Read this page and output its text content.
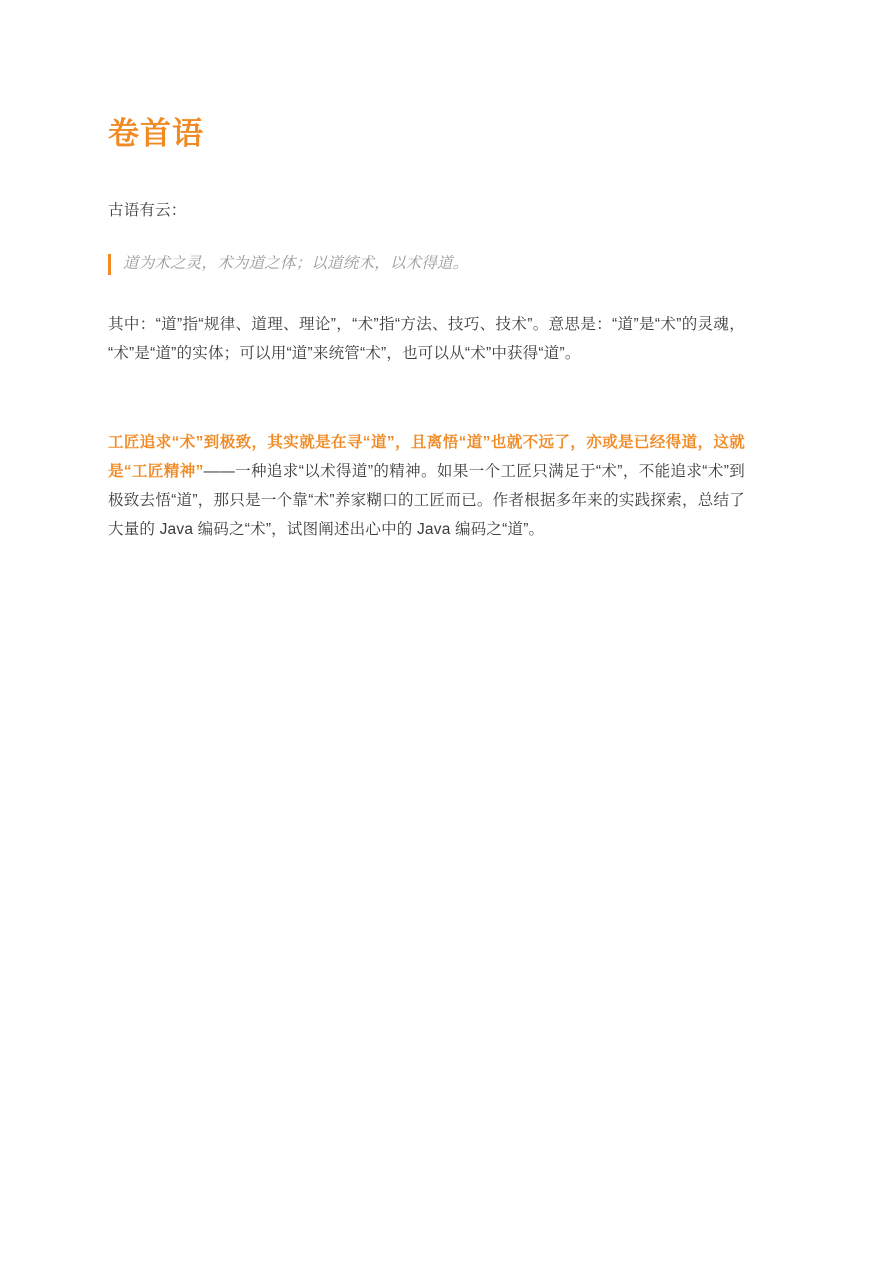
卷首语

古语有云：

道为术之灵，术为道之体；以道统术，以术得道。

其中：“道”指“规律、道理、理论”，“术”指“方法、技巧、技术”。意思是：“道”是“术”的灵魂，“术”是“道”的实体；可以用“道”来统管“术”，也可以从“术”中获得“道”。

工匠追求“术”到极致，其实就是在寻“道”，且离悟“道”也就不远了，亦或是已经得道，这就是“工匠精神”——一种追求“以术得道”的精神。如果一个工匠只满足于“术”，不能追求“术”到极致去悟“道”，那只是一个靠“术”养家糊口的工匠而已。作者根据多年来的实践探索，总结了大量的 Java 编码之“术”，试图阐述出心中的 Java 编码之“道”。
